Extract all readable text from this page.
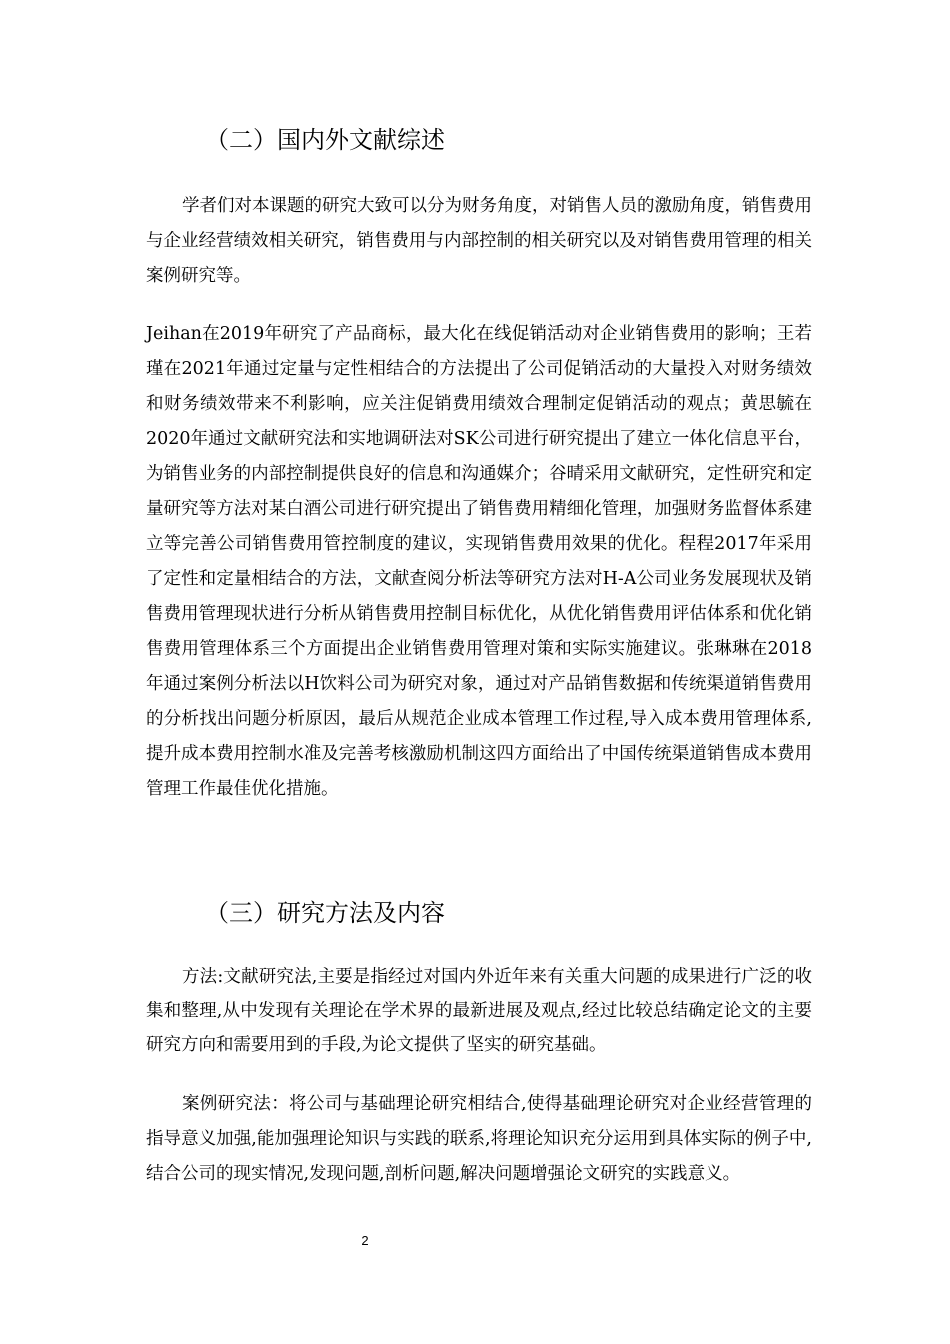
（二）国内外文献综述

学者们对本课题的研究大致可以分为财务角度，对销售人员的激励角度，销售费用与企业经营绩效相关研究，销售费用与内部控制的相关研究以及对销售费用管理的相关案例研究等。

Jeihan在2019年研究了产品商标，最大化在线促销活动对企业销售费用的影响；王若瑾在2021年通过定量与定性相结合的方法提出了公司促销活动的大量投入对财务绩效和财务绩效带来不利影响，应关注促销费用绩效合理制定促销活动的观点；黄思毓在2020年通过文献研究法和实地调研法对SK公司进行研究提出了建立一体化信息平台，为销售业务的内部控制提供良好的信息和沟通媒介；谷晴采用文献研究，定性研究和定量研究等方法对某白酒公司进行研究提出了销售费用精细化管理，加强财务监督体系建立等完善公司销售费用管控制度的建议，实现销售费用效果的优化。程程2017年采用了定性和定量相结合的方法，文献查阅分析法等研究方法对H-A公司业务发展现状及销售费用管理现状进行分析从销售费用控制目标优化，从优化销售费用评估体系和优化销售费用管理体系三个方面提出企业销售费用管理对策和实际实施建议。张琳琳在2018年通过案例分析法以H饮料公司为研究对象，通过对产品销售数据和传统渠道销售费用的分析找出问题分析原因，最后从规范企业成本管理工作过程,导入成本费用管理体系,提升成本费用控制水准及完善考核激励机制这四方面给出了中国传统渠道销售成本费用管理工作最佳优化措施。

（三）研究方法及内容

方法:文献研究法,主要是指经过对国内外近年来有关重大问题的成果进行广泛的收集和整理,从中发现有关理论在学术界的最新进展及观点,经过比较总结确定论文的主要研究方向和需要用到的手段,为论文提供了坚实的研究基础。

案例研究法：将公司与基础理论研究相结合,使得基础理论研究对企业经营管理的指导意义加强,能加强理论知识与实践的联系,将理论知识充分运用到具体实际的例子中,结合公司的现实情况,发现问题,剖析问题,解决问题增强论文研究的实践意义。

2
